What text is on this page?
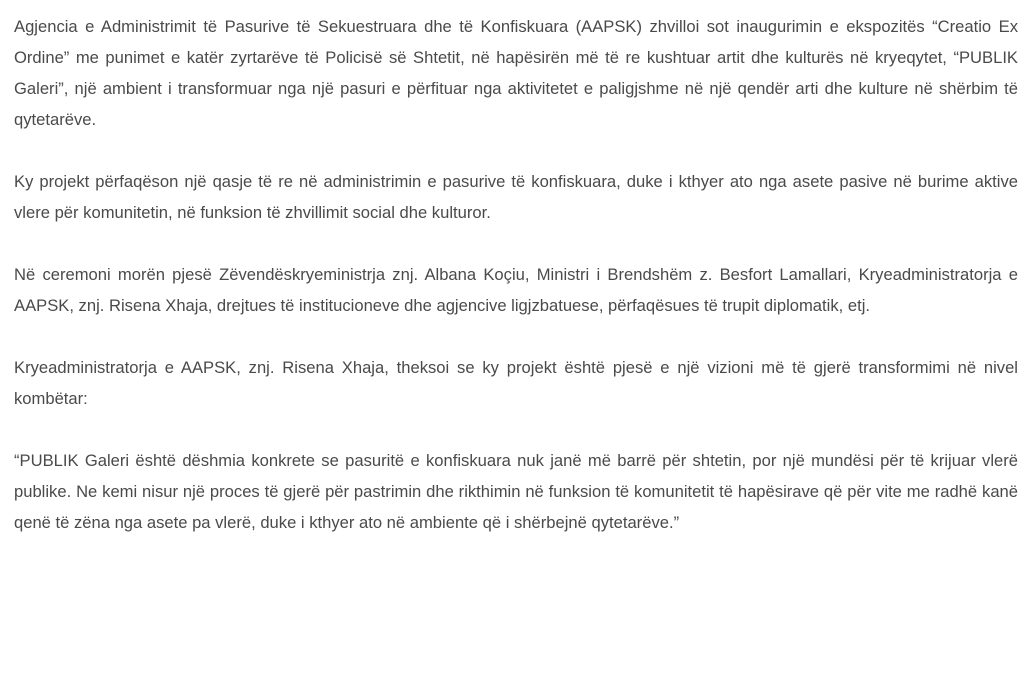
Agjencia e Administrimit të Pasurive të Sekuestruara dhe të Konfiskuara (AAPSK) zhvilloi sot inaugurimin e ekspozitës “Creatio Ex Ordine” me punimet e katër zyrtarëve të Policisë së Shtetit, në hapësirën më të re kushtuar artit dhe kulturës në kryeqytet, “PUBLIK Galeri”, një ambient i transformuar nga një pasuri e përfituar nga aktivitetet e paligjshme në një qendër arti dhe kulture në shërbim të qytetarëve.

Ky projekt përfaqëson një qasje të re në administrimin e pasurive të konfiskuara, duke i kthyer ato nga asete pasive në burime aktive vlere për komunitetin, në funksion të zhvillimit social dhe kulturor.

Në ceremoni morën pjesë Zëvendëskryeministrja znj. Albana Koçiu, Ministri i Brendshëm z. Besfort Lamallari, Kryeadministratorja e AAPSK, znj. Risena Xhaja, drejtues të institucioneve dhe agjencive ligjzbatuese, përfaqësues të trupit diplomatik, etj.

Kryeadministratorja e AAPSK, znj. Risena Xhaja, theksoi se ky projekt është pjesë e një vizioni më të gjerë transformimi në nivel kombëtar:

“PUBLIK Galeri është dëshmia konkrete se pasuritë e konfiskuara nuk janë më barrë për shtetin, por një mundësi për të krijuar vlerë publike. Ne kemi nisur një proces të gjerë për pastrimin dhe rikthimin në funksion të komunitetit të hapësirave që për vite me radhë kanë qenë të zëna nga asete pa vlerë, duke i kthyer ato në ambiente që i shërbejnë qytetarëve.”
